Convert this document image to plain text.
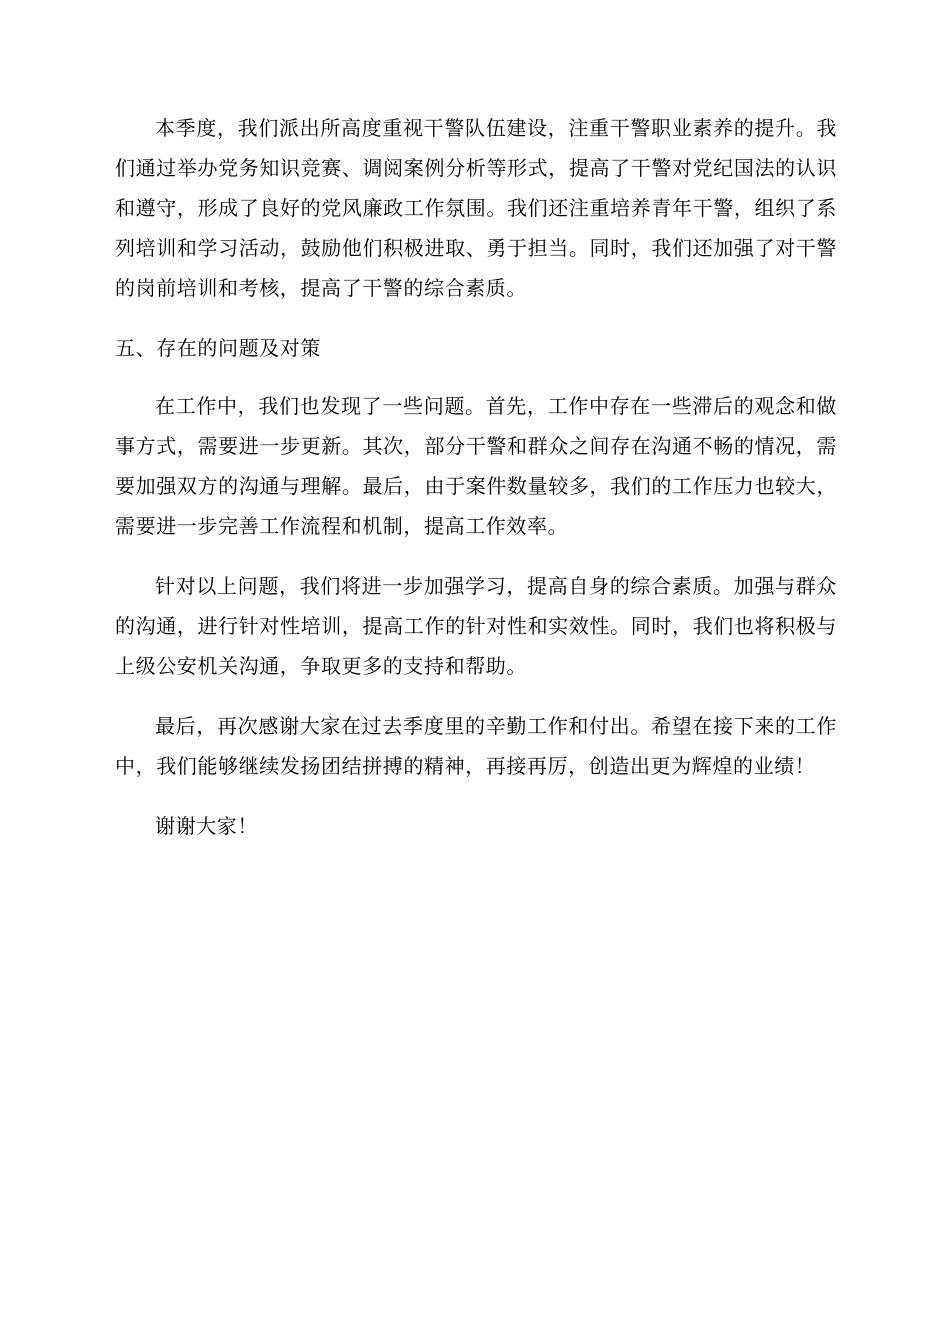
本季度，我们派出所高度重视干警队伍建设，注重干警职业素养的提升。我们通过举办党务知识竞赛、调阅案例分析等形式，提高了干警对党纪国法的认识和遵守，形成了良好的党风廉政工作氛围。我们还注重培养青年干警，组织了系列培训和学习活动，鼓励他们积极进取、勇于担当。同时，我们还加强了对干警的岗前培训和考核，提高了干警的综合素质。

五、存在的问题及对策

在工作中，我们也发现了一些问题。首先，工作中存在一些滞后的观念和做事方式，需要进一步更新。其次，部分干警和群众之间存在沟通不畅的情况，需要加强双方的沟通与理解。最后，由于案件数量较多，我们的工作压力也较大，需要进一步完善工作流程和机制，提高工作效率。

针对以上问题，我们将进一步加强学习，提高自身的综合素质。加强与群众的沟通，进行针对性培训，提高工作的针对性和实效性。同时，我们也将积极与上级公安机关沟通，争取更多的支持和帮助。

最后，再次感谢大家在过去季度里的辛勤工作和付出。希望在接下来的工作中，我们能够继续发扬团结拼搏的精神，再接再厉，创造出更为辉煌的业绩！

谢谢大家！
